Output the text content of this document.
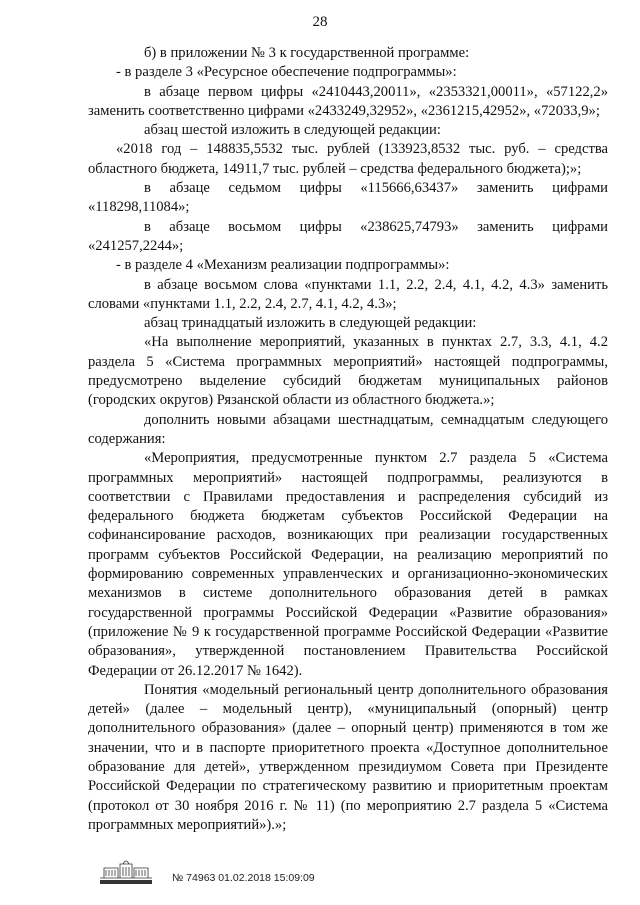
28

б) в приложении № 3 к государственной программе:

- в разделе 3 «Ресурсное обеспечение подпрограммы»:

в абзаце первом цифры «2410443,20011», «2353321,00011», «57122,2» заменить соответственно цифрами «2433249,32952», «2361215,42952», «72033,9»;

абзац шестой изложить в следующей редакции:

«2018 год – 148835,5532 тыс. рублей (133923,8532 тыс. руб. – средства областного бюджета, 14911,7 тыс. рублей – средства федерального бюджета);»;

в абзаце седьмом цифры «115666,63437» заменить цифрами «118298,11084»;

в абзаце восьмом цифры «238625,74793» заменить цифрами «241257,2244»;

- в разделе 4 «Механизм реализации подпрограммы»:

в абзаце восьмом слова «пунктами 1.1, 2.2, 2.4, 4.1, 4.2, 4.3» заменить словами «пунктами 1.1, 2.2, 2.4, 2.7, 4.1, 4.2, 4.3»;

абзац тринадцатый изложить в следующей редакции:

«На выполнение мероприятий, указанных в пунктах 2.7, 3.3, 4.1, 4.2 раздела 5 «Система программных мероприятий» настоящей подпрограммы, предусмотрено выделение субсидий бюджетам муниципальных районов (городских округов) Рязанской области из областного бюджета.»;

дополнить новыми абзацами шестнадцатым, семнадцатым следующего содержания:

«Мероприятия, предусмотренные пунктом 2.7 раздела 5 «Система программных мероприятий» настоящей подпрограммы, реализуются в соответствии с Правилами предоставления и распределения субсидий из федерального бюджета бюджетам субъектов Российской Федерации на софинансирование расходов, возникающих при реализации государственных программ субъектов Российской Федерации, на реализацию мероприятий по формированию современных управленческих и организационно-экономических механизмов в системе дополнительного образования детей в рамках государственной программы Российской Федерации «Развитие образования» (приложение № 9 к государственной программе Российской Федерации «Развитие образования», утвержденной постановлением Правительства Российской Федерации от 26.12.2017 № 1642).

Понятия «модельный региональный центр дополнительного образования детей» (далее – модельный центр), «муниципальный (опорный) центр дополнительного образования» (далее – опорный центр) применяются в том же значении, что и в паспорте приоритетного проекта «Доступное дополнительное образование для детей», утвержденном президиумом Совета при Президенте Российской Федерации по стратегическому развитию и приоритетным проектам (протокол от 30 ноября 2016 г. № 11) (по мероприятию 2.7 раздела 5 «Система программных мероприятий»).»;

№ 74963 01.02.2018 15:09:09
